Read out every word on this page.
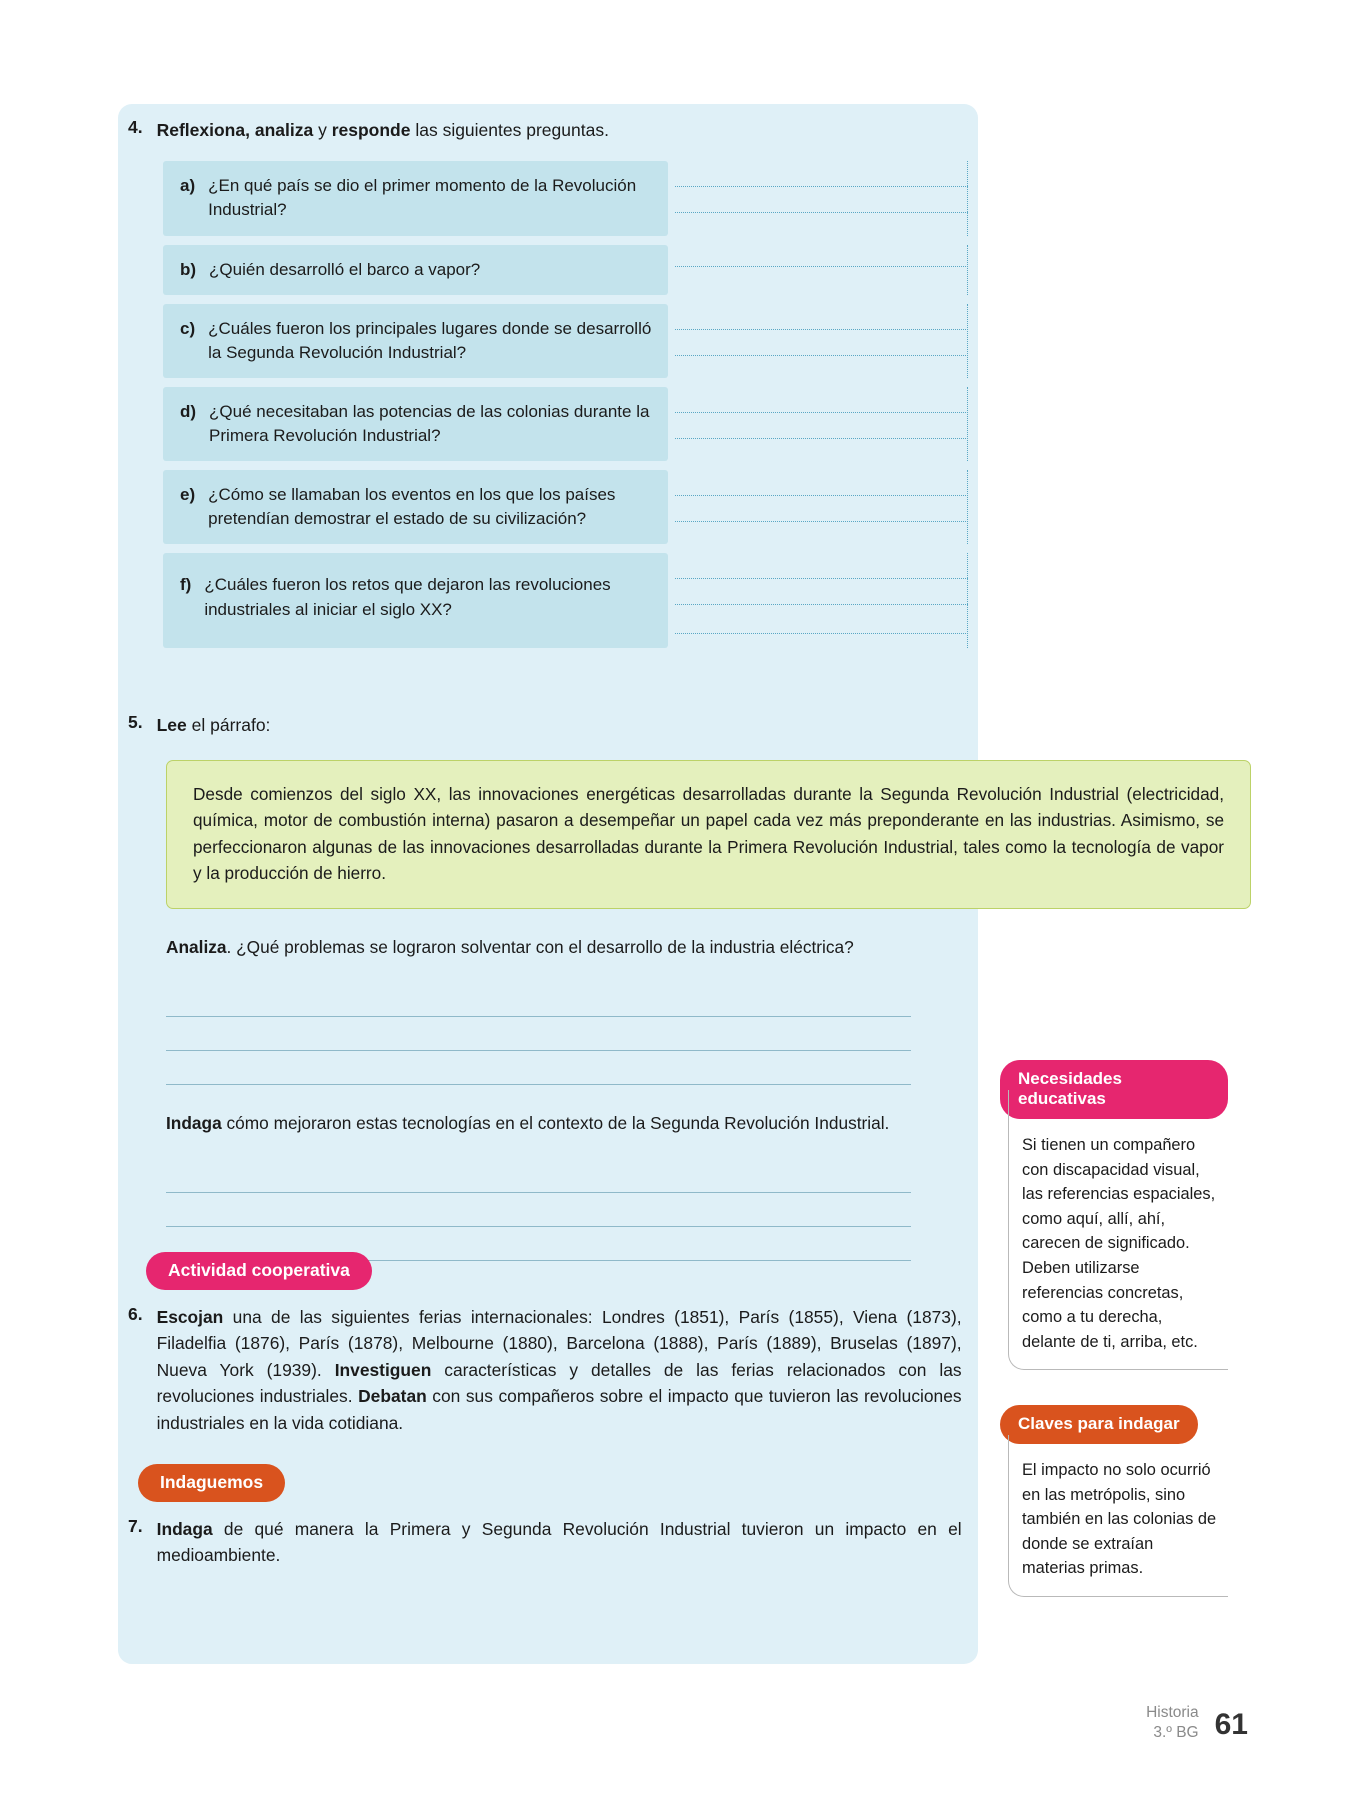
4. Reflexiona, analiza y responde las siguientes preguntas.
a) ¿En qué país se dio el primer momento de la Revolución Industrial?
b) ¿Quién desarrolló el barco a vapor?
c) ¿Cuáles fueron los principales lugares donde se desarrolló la Segunda Revolución Industrial?
d) ¿Qué necesitaban las potencias de las colonias durante la Primera Revolución Industrial?
e) ¿Cómo se llamaban los eventos en los que los países pretendían demostrar el estado de su civilización?
f) ¿Cuáles fueron los retos que dejaron las revoluciones industriales al iniciar el siglo XX?
5. Lee el párrafo:
Desde comienzos del siglo XX, las innovaciones energéticas desarrolladas durante la Segunda Revolución Industrial (electricidad, química, motor de combustión interna) pasaron a desempeñar un papel cada vez más preponderante en las industrias. Asimismo, se perfeccionaron algunas de las innovaciones desarrolladas durante la Primera Revolución Industrial, tales como la tecnología de vapor y la producción de hierro.
Analiza. ¿Qué problemas se lograron solventar con el desarrollo de la industria eléctrica?
Indaga cómo mejoraron estas tecnologías en el contexto de la Segunda Revolución Industrial.
Actividad cooperativa
6. Escojan una de las siguientes ferias internacionales: Londres (1851), París (1855), Viena (1873), Filadelfia (1876), París (1878), Melbourne (1880), Barcelona (1888), París (1889), Bruselas (1897), Nueva York (1939). Investiguen características y detalles de las ferias relacionados con las revoluciones industriales. Debatan con sus compañeros sobre el impacto que tuvieron las revoluciones industriales en la vida cotidiana.
Indaguemos
7. Indaga de qué manera la Primera y Segunda Revolución Industrial tuvieron un impacto en el medioambiente.
Necesidades educativas
Si tienen un compañero con discapacidad visual, las referencias espaciales, como aquí, allí, ahí, carecen de significado. Deben utilizarse referencias concretas, como a tu derecha, delante de ti, arriba, etc.
Claves para indagar
El impacto no solo ocurrió en las metrópolis, sino también en las colonias de donde se extraían materias primas.
Historia
3.º BG 61
